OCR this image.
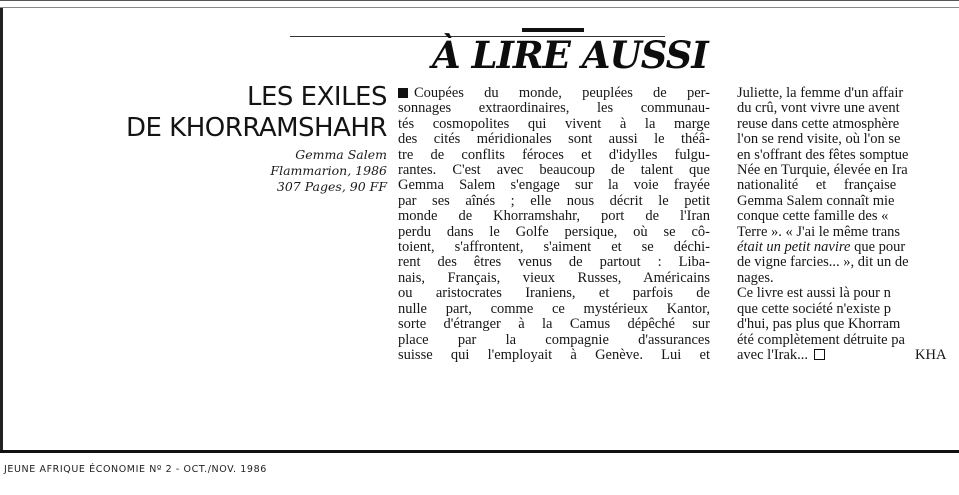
À LIRE AUSSI
LES EXILES
DE KHORRAMSHAHR
Gemma Salem
Flammarion, 1986
307 Pages, 90 FF
Coupées du monde, peuplées de per-
sonnages extraordinaires, les communau-
tés cosmopolites qui vivent à la marge
des cités méridionales sont aussi le théâ-
tre de conflits féroces et d'idylles fulgu-
rantes. C'est avec beaucoup de talent que
Gemma Salem s'engage sur la voie frayée
par ses aînés ; elle nous décrit le petit
monde de Khorramshahr, port de l'Iran
perdu dans le Golfe persique, où se cô-
toient, s'affrontent, s'aiment et se déchi-
rent des êtres venus de partout : Liba-
nais, Français, vieux Russes, Américains
ou aristocrates Iraniens, et parfois de
nulle part, comme ce mystérieux Kantor,
sorte d'étranger à la Camus dépêché sur
place par la compagnie d'assurances
suisse qui l'employait à Genève. Lui et
Juliette, la femme d'un affair
du crû, vont vivre une avent
reuse dans cette atmosphère
l'on se rend visite, où l'on se
en s'offrant des fêtes somptue
Née en Turquie, élevée en Ira
nationalité et française
Gemma Salem connaît mie
conque cette famille des «
Terre ». « J'ai le même trans
était un petit navire que pour
de vigne farcies... », dit un de
nages.
Ce livre est aussi là pour n
que cette société n'existe p
d'hui, pas plus que Khorram
été complètement détruite pa
avec l'Irak...	KHA
JEUNE AFRIQUE ÉCONOMIE Nº 2 - OCT./NOV. 1986
